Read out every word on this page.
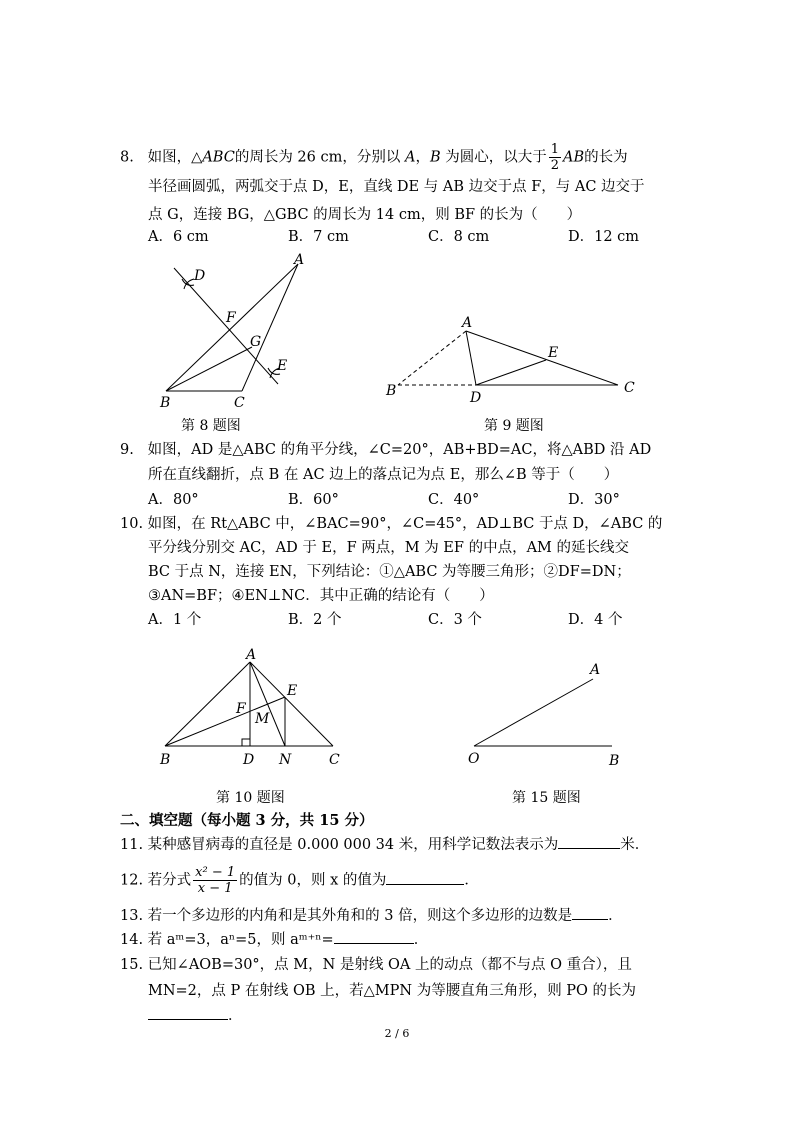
8. 如图，△ABC的周长为 26 cm，分别以 A，B 为圆心，以大于 $\frac{1}{2}$ AB的长为
半径画圆弧，两弧交于点 D，E，直线 DE 与 AB 边交于点 F，与 AC 边交于
点 G，连接 BG，△GBC 的周长为 14 cm，则 BF 的长为（　　）
A．6 cm	B．7 cm	C．8 cm	D．12 cm
D
A
F
G
E
B	C
第 8 题图
A
E
B	D
C
第 9 题图
9. 如图，AD 是△ABC 的角平分线，∠C=20°，AB+BD=AC，将△ABD 沿 AD
所在直线翻折，点 B 在 AC 边上的落点记为点 E，那么∠B 等于（　　）
A．80°	B．60°	C．40°	D．30°
10. 如图，在 Rt△ABC 中，∠BAC=90°，∠C=45°，AD⊥BC 于点 D，∠ABC 的
平分线分别交 AC，AD 于 E，F 两点，M 为 EF 的中点，AM 的延长线交
BC 于点 N，连接 EN，下列结论：①△ABC 为等腰三角形；②DF=DN；
③AN=BF；④EN⊥NC．其中正确的结论有（　　）
A．1 个	B．2 个	C．3 个	D．4 个
A
E
F
M
B	D N	C
第 10 题图
A
O	B
第 15 题图
二、填空题（每小题 3 分，共 15 分）
11. 某种感冒病毒的直径是 0.000 000 34 米，用科学记数法表示为	米．
12. 若分式 $\frac{\text{x² − 1}}{x - 1}$ 的值为 0，则 x 的值为	．
13. 若一个多边形的内角和是其外角和的 3 倍，则这个多边形的边数是 ．
14. 若 aᵐ=3，aⁿ=5，则 aᵐ⁺ⁿ=	．
15. 已知∠AOB=30°，点 M，N 是射线 OA 上的动点（都不与点 O 重合），且
MN=2，点 P 在射线 OB 上，若△MPN 为等腰直角三角形，则 PO 的长为
．
2 / 6
